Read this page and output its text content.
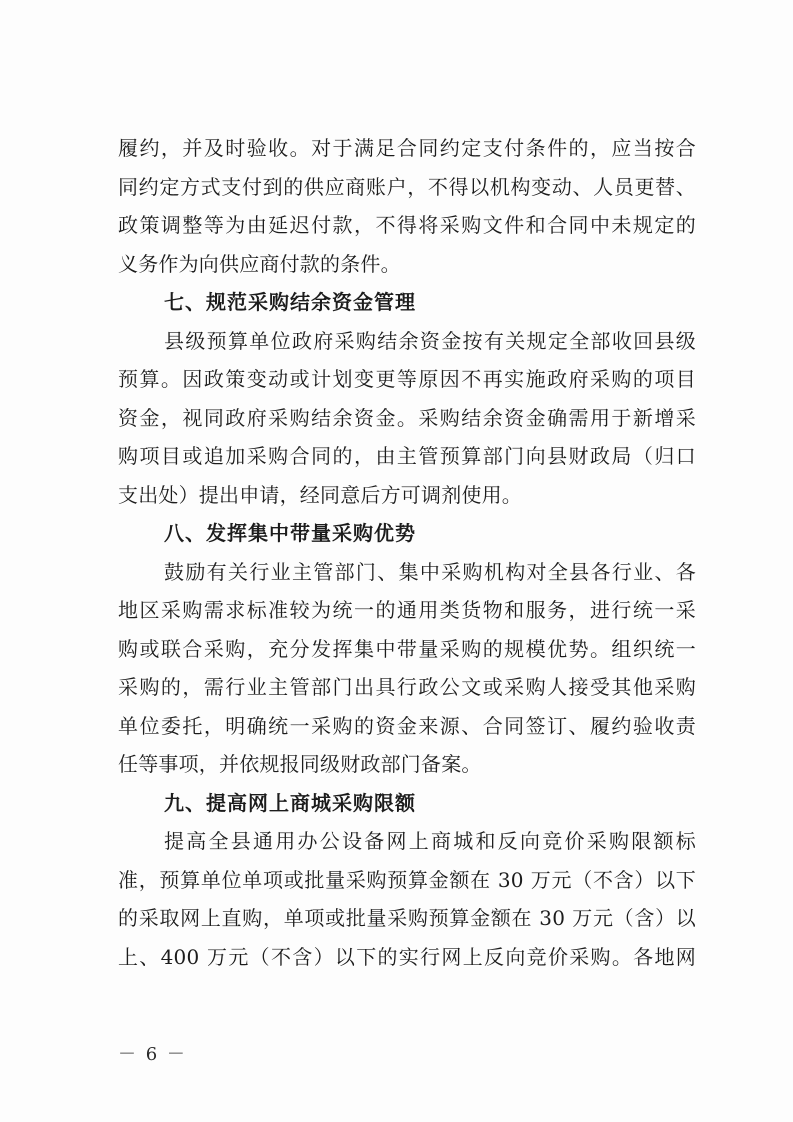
履约，并及时验收。对于满足合同约定支付条件的，应当按合
同约定方式支付到的供应商账户，不得以机构变动、人员更替、
政策调整等为由延迟付款，不得将采购文件和合同中未规定的
义务作为向供应商付款的条件。
七、规范采购结余资金管理
县级预算单位政府采购结余资金按有关规定全部收回县级
预算。因政策变动或计划变更等原因不再实施政府采购的项目
资金，视同政府采购结余资金。采购结余资金确需用于新增采
购项目或追加采购合同的，由主管预算部门向县财政局（归口
支出处）提出申请，经同意后方可调剂使用。
八、发挥集中带量采购优势
鼓励有关行业主管部门、集中采购机构对全县各行业、各
地区采购需求标准较为统一的通用类货物和服务，进行统一采
购或联合采购，充分发挥集中带量采购的规模优势。组织统一
采购的，需行业主管部门出具行政公文或采购人接受其他采购
单位委托，明确统一采购的资金来源、合同签订、履约验收责
任等事项，并依规报同级财政部门备案。
九、提高网上商城采购限额
提高全县通用办公设备网上商城和反向竞价采购限额标
准，预算单位单项或批量采购预算金额在 30 万元（不含）以下
的采取网上直购，单项或批量采购预算金额在 30 万元（含）以
上、400 万元（不含）以下的实行网上反向竞价采购。各地网
－ 6 －
